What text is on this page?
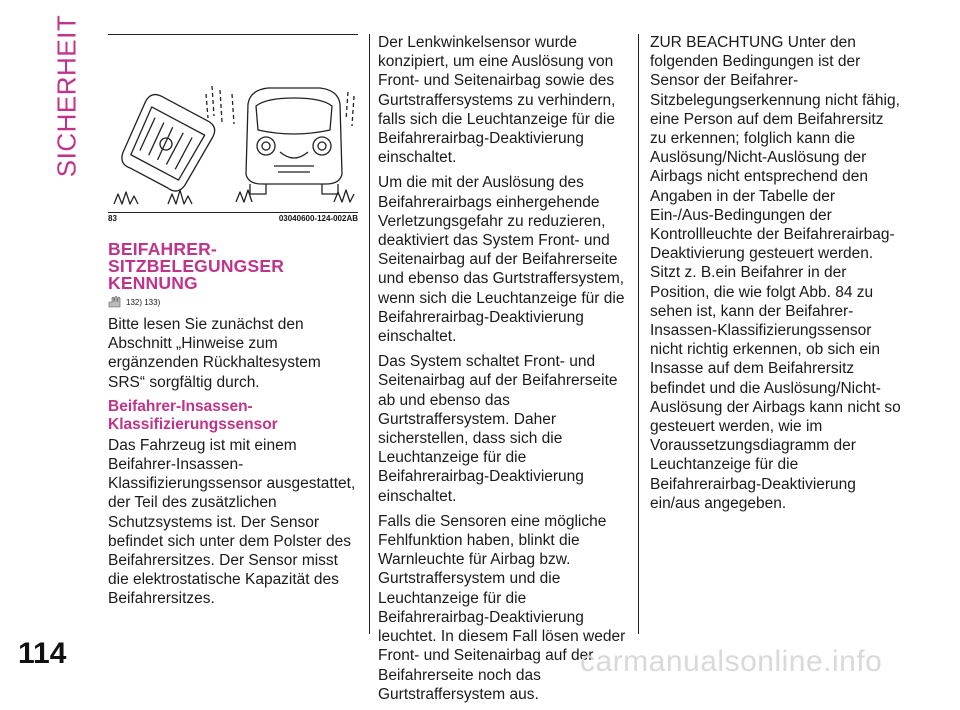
SICHERHEIT
83	03040600-124-002AB
BEIFAHRER-
SITZBELEGUNGSER
KENNUNG
132) 133)

Bitte lesen Sie zunächst den Abschnitt „Hinweise zum ergänzenden Rückhaltesystem SRS“ sorgfältig durch.

Beifahrer-Insassen-Klassifizierungssensor

Das Fahrzeug ist mit einem Beifahrer-Insassen-Klassifizierungssensor ausgestattet, der Teil des zusätzlichen Schutzsystems ist. Der Sensor befindet sich unter dem Polster des Beifahrersitzes. Der Sensor misst die elektrostatische Kapazität des Beifahrersitzes.

Der Lenkwinkelsensor wurde konzipiert, um eine Auslösung von Front- und Seitenairbag sowie des Gurtstraffersystems zu verhindern, falls sich die Leuchtanzeige für die Beifahrerairbag-Deaktivierung einschaltet.

Um die mit der Auslösung des Beifahrerairbags einhergehende Verletzungsgefahr zu reduzieren, deaktiviert das System Front- und Seitenairbag auf der Beifahrerseite und ebenso das Gurtstraffersystem, wenn sich die Leuchtanzeige für die Beifahrerairbag-Deaktivierung einschaltet.

Das System schaltet Front- und Seitenairbag auf der Beifahrerseite ab und ebenso das Gurtstraffersystem. Daher sicherstellen, dass sich die Leuchtanzeige für die Beifahrerairbag-Deaktivierung einschaltet.

Falls die Sensoren eine mögliche Fehlfunktion haben, blinkt die Warnleuchte für Airbag bzw. Gurtstraffersystem und die Leuchtanzeige für die Beifahrerairbag-Deaktivierung leuchtet. In diesem Fall lösen weder Front- und Seitenairbag auf der Beifahrerseite noch das Gurtstraffersystem aus.

ZUR BEACHTUNG Unter den folgenden Bedingungen ist der Sensor der Beifahrer-Sitzbelegungserkennung nicht fähig, eine Person auf dem Beifahrersitz zu erkennen; folglich kann die Auslösung/Nicht-Auslösung der Airbags nicht entsprechend den Angaben in der Tabelle der Ein-/Aus-Bedingungen der Kontrollleuchte der Beifahrerairbag-Deaktivierung gesteuert werden. Sitzt z. B.ein Beifahrer in der Position, die wie folgt Abb. 84 zu sehen ist, kann der Beifahrer-Insassen-Klassifizierungssensor nicht richtig erkennen, ob sich ein Insasse auf dem Beifahrersitz befindet und die Auslösung/Nicht-Auslösung der Airbags kann nicht so gesteuert werden, wie im Voraussetzungsdiagramm der Leuchtanzeige für die Beifahrerairbag-Deaktivierung ein/aus angegeben.

114	carmanualsonline.info
